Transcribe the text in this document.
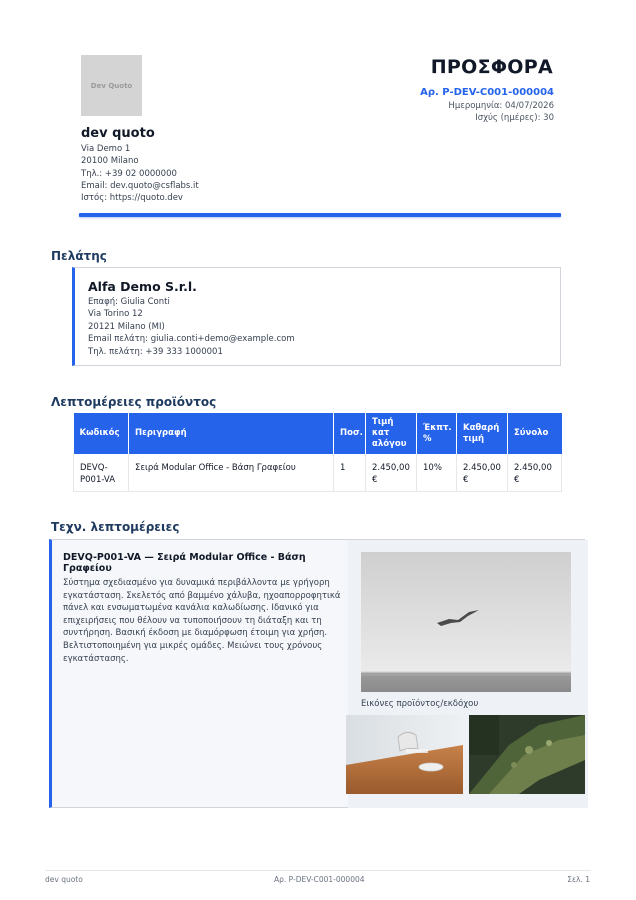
Dev Quoto
dev quoto
Via Demo 1
20100 Milano
Τηλ.: +39 02 0000000
Email: dev.quoto@csflabs.it
Ιστός: https://quoto.dev
ΠΡΟΣΦΟΡΑ
Αρ. P-DEV-C001-000004
Ημερομηνία: 04/07/2026
Ισχύς (ημέρες): 30
Πελάτης
Alfa Demo S.r.l.
Επαφή: Giulia Conti
Via Torino 12
20121 Milano (MI)
Email πελάτη: giulia.conti+demo@example.com
Τηλ. πελάτη: +39 333 1000001
Λεπτομέρειες προϊόντος
Κωδικός	Περιγραφή	Ποσ.	Τιμή κατ αλόγου	Έκπτ. %	Καθαρή τιμή	Σύνολο
DEVQ-P001-VA	Σειρά Modular Office - Βάση Γραφείου	1	2.450,00 €	10%	2.450,00 €	2.450,00 €
Τεχν. λεπτομέρειες
DEVQ-P001-VA — Σειρά Modular Office - Βάση Γραφείου
Σύστημα σχεδιασμένο για δυναμικά περιβάλλοντα με γρήγορη εγκατάσταση. Σκελετός από βαμμένο χάλυβα, ηχοαπορροφητικά πάνελ και ενσωματωμένα κανάλια καλωδίωσης. Ιδανικό για επιχειρήσεις που θέλουν να τυποποιήσουν τη διάταξη και τη συντήρηση. Βασική έκδοση με διαμόρφωση έτοιμη για χρήση. Βελτιστοποιημένη για μικρές ομάδες. Μειώνει τους χρόνους εγκατάστασης.
Εικόνες προϊόντος/εκδόχου
dev quoto	Αρ. P-DEV-C001-000004	Σελ. 1
